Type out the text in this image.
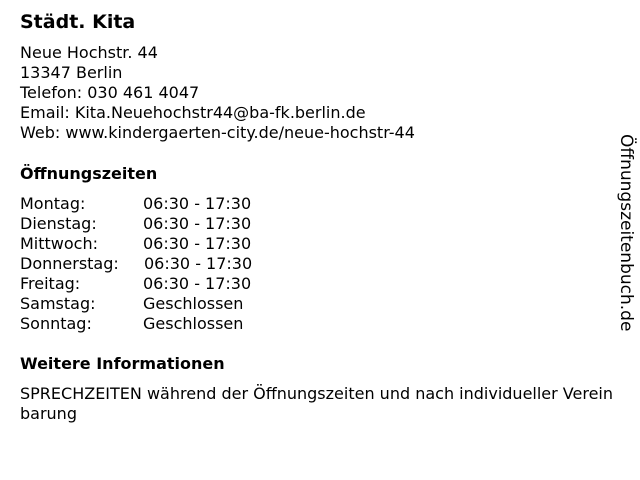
Städt. Kita
Neue Hochstr. 44
13347 Berlin
Telefon: 030 461 4047
Email: Kita.Neuehochstr44@ba-fk.berlin.de
Web: www.kindergaerten-city.de/neue-hochstr-44
Öffnungszeiten
Montag:	06:30 - 17:30
Dienstag:	06:30 - 17:30
Mittwoch:	06:30 - 17:30
Donnerstag: 06:30 - 17:30
Freitag:	06:30 - 17:30
Samstag:	Geschlossen
Sonntag:	Geschlossen
Weitere Informationen
SPRECHZEITEN während der Öffnungszeiten und nach individueller Vereinbarung
Öffnungszeitenbuch.de
